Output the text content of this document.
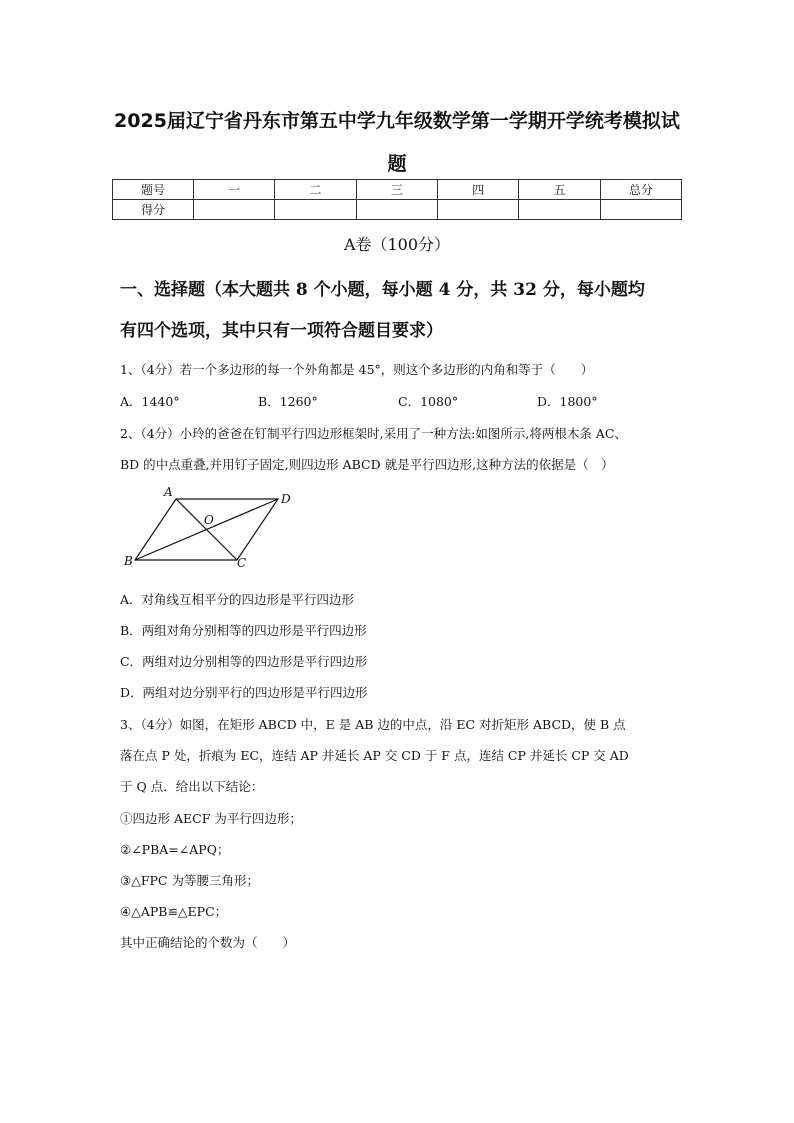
2025届辽宁省丹东市第五中学九年级数学第一学期开学统考模拟试
题
题号	一	二	三	四	五	总分
得分						
A卷（100分）
一、选择题（本大题共 8 个小题，每小题 4 分，共 32 分，每小题均
有四个选项，其中只有一项符合题目要求）
1、（4分）若一个多边形的每一个外角都是 45°，则这个多边形的内角和等于（　　）
A．1440°	B．1260°	C．1080°	D．1800°
2、（4分）小玲的爸爸在钉制平行四边形框架时,采用了一种方法:如图所示,将两根木条 AC、
BD 的中点重叠,并用钉子固定,则四边形 ABCD 就是平行四边形,这种方法的依据是（　）
A	D
B	C
O
A．对角线互相平分的四边形是平行四边形
B．两组对角分别相等的四边形是平行四边形
C．两组对边分别相等的四边形是平行四边形
D．两组对边分别平行的四边形是平行四边形
3、（4分）如图，在矩形 ABCD 中，E 是 AB 边的中点，沿 EC 对折矩形 ABCD，使 B 点
落在点 P 处，折痕为 EC，连结 AP 并延长 AP 交 CD 于 F 点，连结 CP 并延长 CP 交 AD
于 Q 点．给出以下结论：
①四边形 AECF 为平行四边形；
②∠PBA=∠APQ；
③△FPC 为等腰三角形；
④△APB≌△EPC；
其中正确结论的个数为（　　）
